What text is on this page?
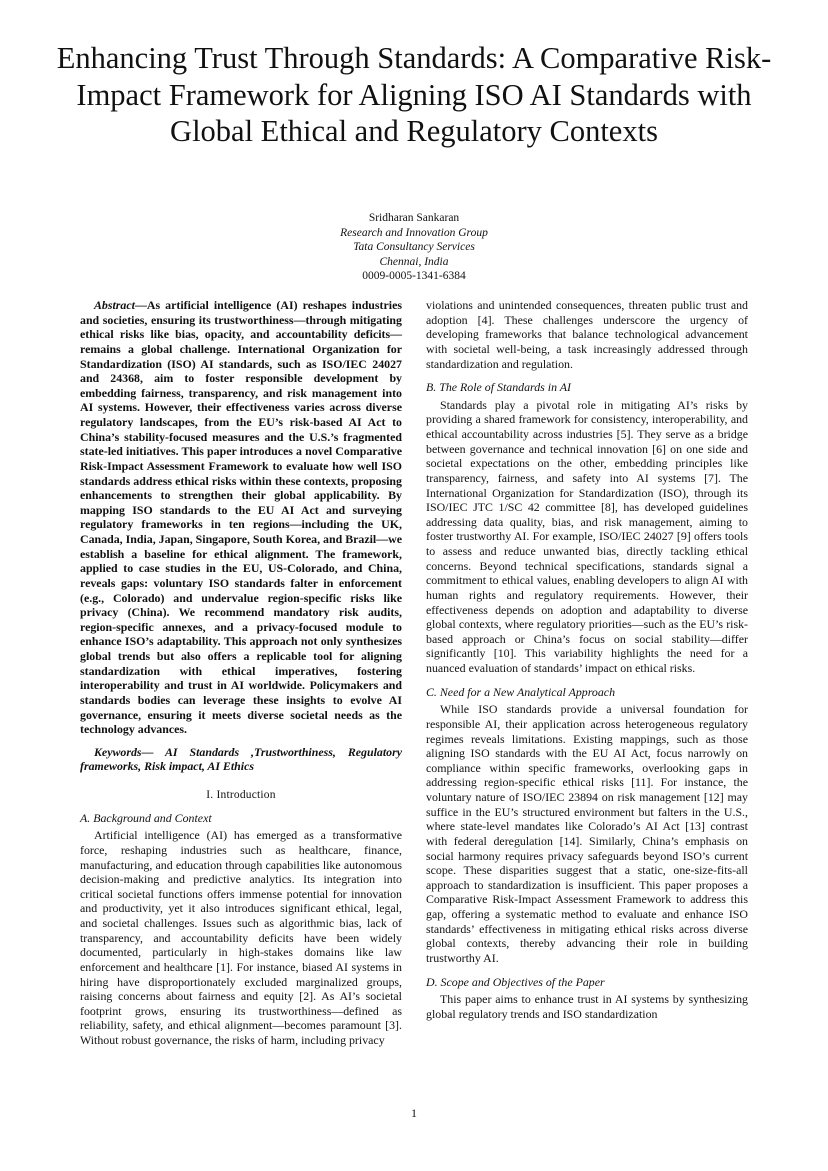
Enhancing Trust Through Standards: A Comparative Risk-Impact Framework for Aligning ISO AI Standards with Global Ethical and Regulatory Contexts
Sridharan Sankaran
Research and Innovation Group
Tata Consultancy Services
Chennai, India
0009-0005-1341-6384

Abstract—As artificial intelligence (AI) reshapes industries and societies, ensuring its trustworthiness—through mitigating ethical risks like bias, opacity, and accountability deficits—remains a global challenge. International Organization for Standardization (ISO) AI standards, such as ISO/IEC 24027 and 24368, aim to foster responsible development by embedding fairness, transparency, and risk management into AI systems. However, their effectiveness varies across diverse regulatory landscapes, from the EU’s risk-based AI Act to China’s stability-focused measures and the U.S.’s fragmented state-led initiatives. This paper introduces a novel Comparative Risk-Impact Assessment Framework to evaluate how well ISO standards address ethical risks within these contexts, proposing enhancements to strengthen their global applicability. By mapping ISO standards to the EU AI Act and surveying regulatory frameworks in ten regions—including the UK, Canada, India, Japan, Singapore, South Korea, and Brazil—we establish a baseline for ethical alignment. The framework, applied to case studies in the EU, US-Colorado, and China, reveals gaps: voluntary ISO standards falter in enforcement (e.g., Colorado) and undervalue region-specific risks like privacy (China). We recommend mandatory risk audits, region-specific annexes, and a privacy-focused module to enhance ISO’s adaptability. This approach not only synthesizes global trends but also offers a replicable tool for aligning standardization with ethical imperatives, fostering interoperability and trust in AI worldwide. Policymakers and standards bodies can leverage these insights to evolve AI governance, ensuring it meets diverse societal needs as the technology advances.

Keywords— AI Standards ,Trustworthiness, Regulatory frameworks, Risk impact, AI Ethics

I. Introduction

A. Background and Context

Artificial intelligence (AI) has emerged as a transformative force, reshaping industries such as healthcare, finance, manufacturing, and education through capabilities like autonomous decision-making and predictive analytics. Its integration into critical societal functions offers immense potential for innovation and productivity, yet it also introduces significant ethical, legal, and societal challenges. Issues such as algorithmic bias, lack of transparency, and accountability deficits have been widely documented, particularly in high-stakes domains like law enforcement and healthcare [1]. For instance, biased AI systems in hiring have disproportionately excluded marginalized groups, raising concerns about fairness and equity [2]. As AI’s societal footprint grows, ensuring its trustworthiness—defined as reliability, safety, and ethical alignment—becomes paramount [3]. Without robust governance, the risks of harm, including privacy

violations and unintended consequences, threaten public trust and adoption [4]. These challenges underscore the urgency of developing frameworks that balance technological advancement with societal well-being, a task increasingly addressed through standardization and regulation.

B. The Role of Standards in AI

Standards play a pivotal role in mitigating AI’s risks by providing a shared framework for consistency, interoperability, and ethical accountability across industries [5]. They serve as a bridge between governance and technical innovation [6] on one side and societal expectations on the other, embedding principles like transparency, fairness, and safety into AI systems [7]. The International Organization for Standardization (ISO), through its ISO/IEC JTC 1/SC 42 committee [8], has developed guidelines addressing data quality, bias, and risk management, aiming to foster trustworthy AI. For example, ISO/IEC 24027 [9] offers tools to assess and reduce unwanted bias, directly tackling ethical concerns. Beyond technical specifications, standards signal a commitment to ethical values, enabling developers to align AI with human rights and regulatory requirements. However, their effectiveness depends on adoption and adaptability to diverse global contexts, where regulatory priorities—such as the EU’s risk-based approach or China’s focus on social stability—differ significantly [10]. This variability highlights the need for a nuanced evaluation of standards’ impact on ethical risks.

C. Need for a New Analytical Approach

While ISO standards provide a universal foundation for responsible AI, their application across heterogeneous regulatory regimes reveals limitations. Existing mappings, such as those aligning ISO standards with the EU AI Act, focus narrowly on compliance within specific frameworks, overlooking gaps in addressing region-specific ethical risks [11]. For instance, the voluntary nature of ISO/IEC 23894 on risk management [12] may suffice in the EU’s structured environment but falters in the U.S., where state-level mandates like Colorado’s AI Act [13] contrast with federal deregulation [14]. Similarly, China’s emphasis on social harmony requires privacy safeguards beyond ISO’s current scope. These disparities suggest that a static, one-size-fits-all approach to standardization is insufficient. This paper proposes a Comparative Risk-Impact Assessment Framework to address this gap, offering a systematic method to evaluate and enhance ISO standards’ effectiveness in mitigating ethical risks across diverse global contexts, thereby advancing their role in building trustworthy AI.

D. Scope and Objectives of the Paper

This paper aims to enhance trust in AI systems by synthesizing global regulatory trends and ISO standardization

1
